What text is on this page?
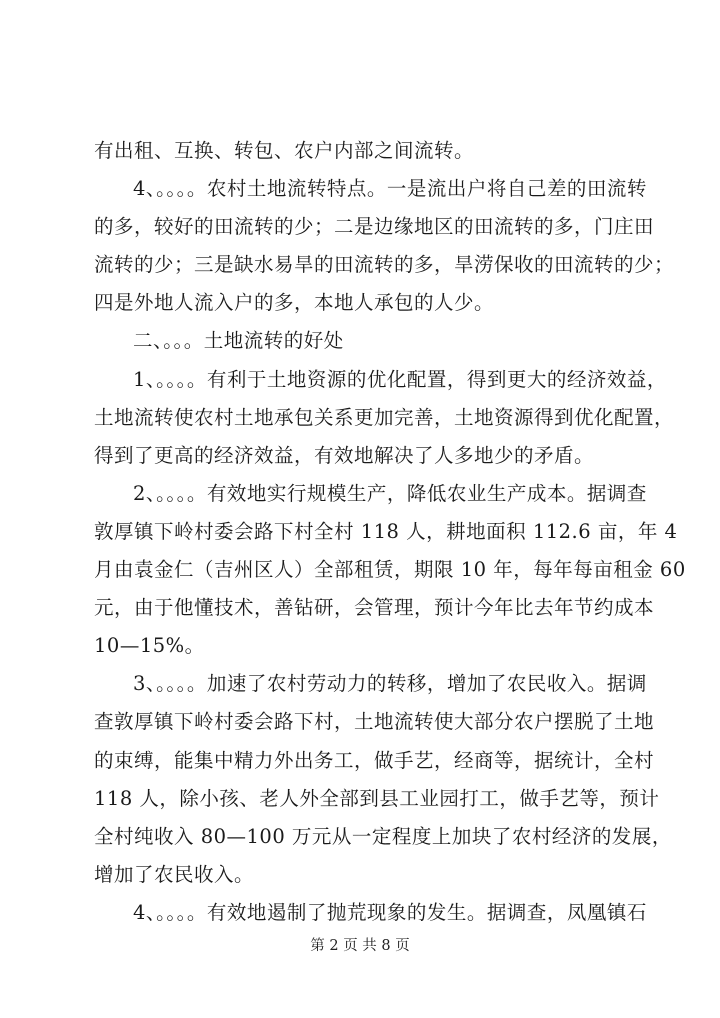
有出租、互换、转包、农户内部之间流转。
4、。。。。农村土地流转特点。一是流出户将自己差的田流转
的多，较好的田流转的少；二是边缘地区的田流转的多，门庄田
流转的少；三是缺水易旱的田流转的多，旱涝保收的田流转的少；
四是外地人流入户的多，本地人承包的人少。
二、。。。土地流转的好处
1、。。。。有利于土地资源的优化配置，得到更大的经济效益，
土地流转使农村土地承包关系更加完善，土地资源得到优化配置，
得到了更高的经济效益，有效地解决了人多地少的矛盾。
2、。。。。有效地实行规模生产，降低农业生产成本。据调查
敦厚镇下岭村委会路下村全村 118 人，耕地面积 112.6 亩，年 4
月由袁金仁（吉州区人）全部租赁，期限 10 年，每年每亩租金 60
元，由于他懂技术，善钻研，会管理，预计今年比去年节约成本
10—15%。
3、。。。。加速了农村劳动力的转移，增加了农民收入。据调
查敦厚镇下岭村委会路下村，土地流转使大部分农户摆脱了土地
的束缚，能集中精力外出务工，做手艺，经商等，据统计，全村
118 人，除小孩、老人外全部到县工业园打工，做手艺等，预计
全村纯收入 80—100 万元从一定程度上加块了农村经济的发展，
增加了农民收入。
4、。。。。有效地遏制了抛荒现象的发生。据调查，凤凰镇石
第 2 页 共 8 页
